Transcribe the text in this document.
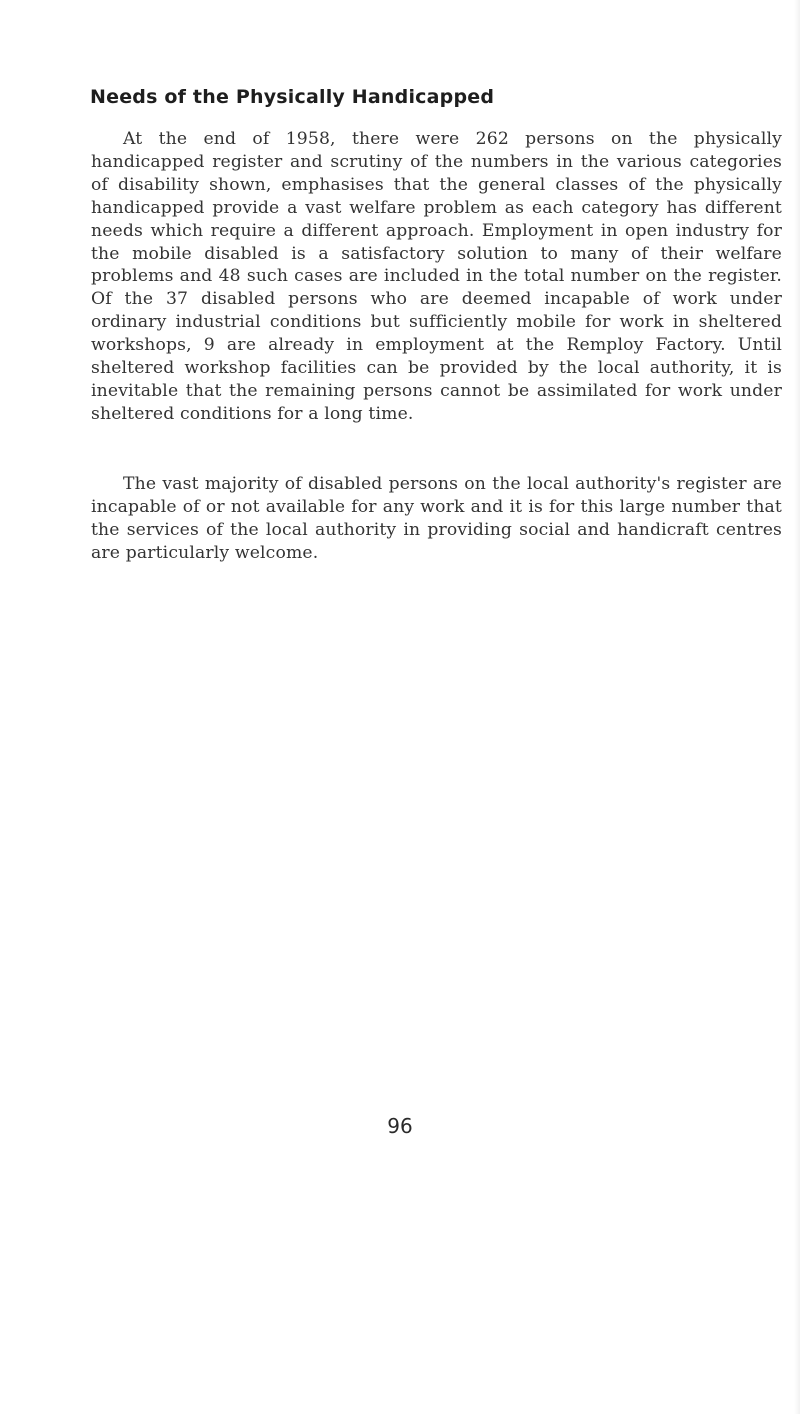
Needs of the Physically Handicapped

At the end of 1958, there were 262 persons on the physically handicapped register and scrutiny of the numbers in the various categories of disability shown, emphasises that the general classes of the physically handicapped provide a vast welfare problem as each category has different needs which require a different approach. Employment in open industry for the mobile disabled is a satisfactory solution to many of their welfare problems and 48 such cases are included in the total number on the register. Of the 37 disabled persons who are deemed incapable of work under ordinary industrial conditions but sufficiently mobile for work in sheltered workshops, 9 are already in employment at the Remploy Factory. Until sheltered workshop facilities can be provided by the local authority, it is inevitable that the remaining persons cannot be assimilated for work under sheltered conditions for a long time.

The vast majority of disabled persons on the local authority's register are incapable of or not available for any work and it is for this large number that the services of the local authority in providing social and handicraft centres are particularly welcome.

96
